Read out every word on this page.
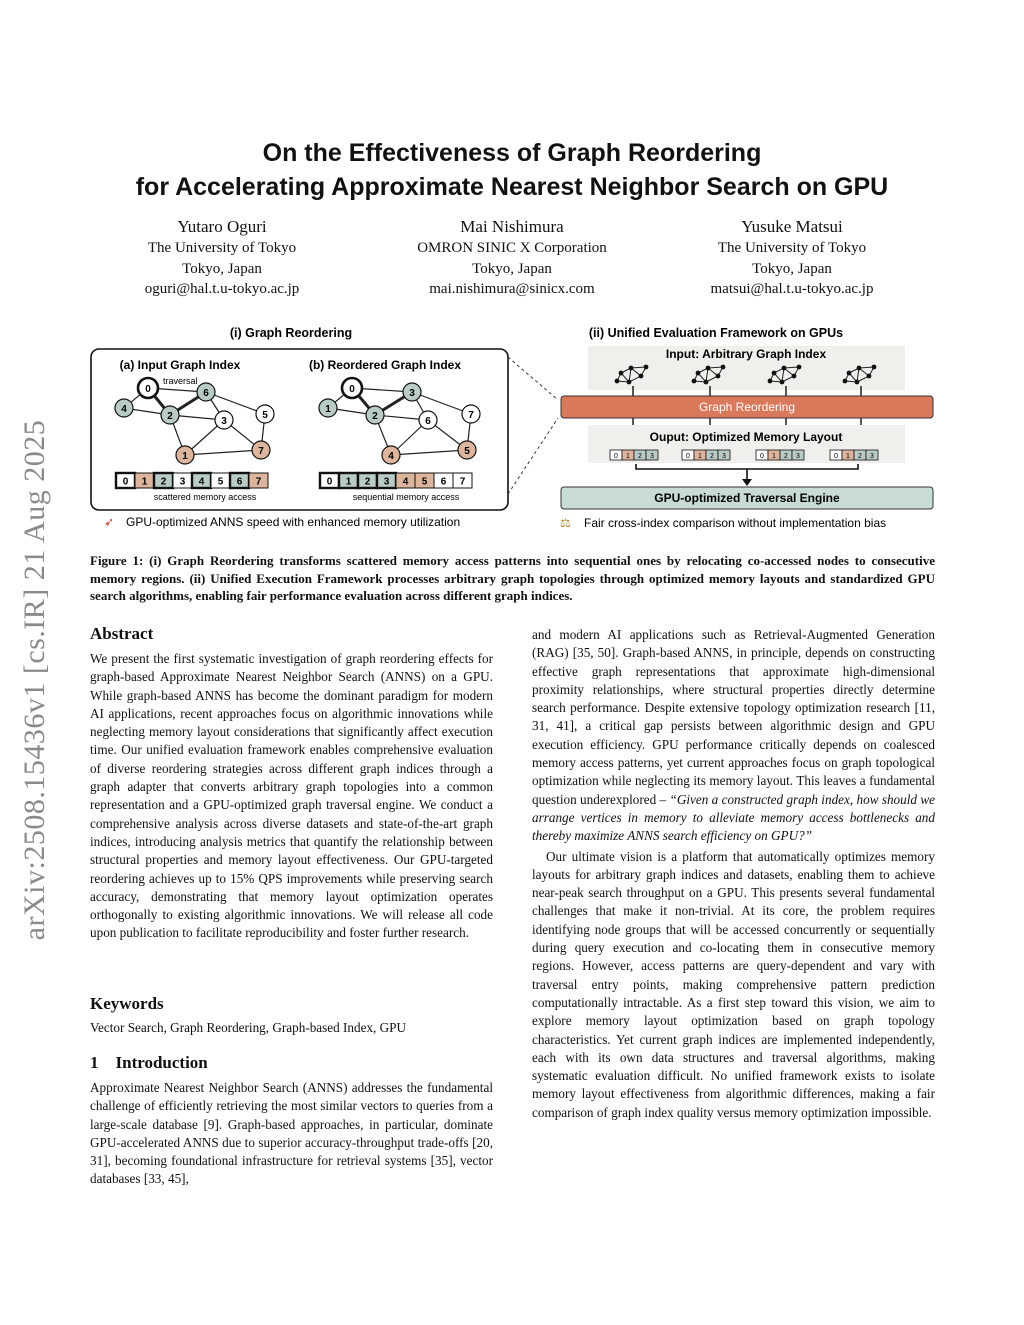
arXiv:2508.15436v1 [cs.IR] 21 Aug 2025
On the Effectiveness of Graph Reordering
for Accelerating Approximate Nearest Neighbor Search on GPU
Yutaro Oguri
The University of Tokyo
Tokyo, Japan
oguri@hal.t.u-tokyo.ac.jp
Mai Nishimura
OMRON SINIC X Corporation
Tokyo, Japan
mai.nishimura@sinicx.com
Yusuke Matsui
The University of Tokyo
Tokyo, Japan
matsui@hal.t.u-tokyo.ac.jp
(i) Graph Reordering
(a) Input Graph Index	(b) Reordered Graph Index
traversal
0
4
2
6
3
5
1	7
0
1
2
3
6
7
4	5
0 1 2 3 4 5 6 7	0 1 2 3 4 5 6 7
scattered memory access	sequential memory access
➶ GPU-optimized ANNS speed with enhanced memory utilization
(ii) Unified Evaluation Framework on GPUs
Input: Arbitrary Graph Index
Graph Reordering
Ouput: Optimized Memory Layout
0 1 2 3	0 1 2 3	0 1 2 3	0 1 2 3
GPU-optimized Traversal Engine
⚖ Fair cross-index comparison without implementation bias
Figure 1: (i) Graph Reordering transforms scattered memory access patterns into sequential ones by relocating co-accessed nodes to consecutive memory regions. (ii) Unified Execution Framework processes arbitrary graph topologies through optimized memory layouts and standardized GPU search algorithms, enabling fair performance evaluation across different graph indices.
Abstract

We present the first systematic investigation of graph reordering effects for graph-based Approximate Nearest Neighbor Search (ANNS) on a GPU. While graph-based ANNS has become the dominant paradigm for modern AI applications, recent approaches focus on algorithmic innovations while neglecting memory layout considerations that significantly affect execution time. Our unified evaluation framework enables comprehensive evaluation of diverse reordering strategies across different graph indices through a graph adapter that converts arbitrary graph topologies into a common representation and a GPU-optimized graph traversal engine. We conduct a comprehensive analysis across diverse datasets and state-of-the-art graph indices, introducing analysis metrics that quantify the relationship between structural properties and memory layout effectiveness. Our GPU-targeted reordering achieves up to 15% QPS improvements while preserving search accuracy, demonstrating that memory layout optimization operates orthogonally to existing algorithmic innovations. We will release all code upon publication to facilitate reproducibility and foster further research.

Keywords

Vector Search, Graph Reordering, Graph-based Index, GPU

1    Introduction

Approximate Nearest Neighbor Search (ANNS) addresses the fundamental challenge of efficiently retrieving the most similar vectors to queries from a large-scale database [9]. Graph-based approaches, in particular, dominate GPU-accelerated ANNS due to superior accuracy-throughput trade-offs [20, 31], becoming foundational infrastructure for retrieval systems [35], vector databases [33, 45],

and modern AI applications such as Retrieval-Augmented Generation (RAG) [35, 50]. Graph-based ANNS, in principle, depends on constructing effective graph representations that approximate high-dimensional proximity relationships, where structural properties directly determine search performance. Despite extensive topology optimization research [11, 31, 41], a critical gap persists between algorithmic design and GPU execution efficiency. GPU performance critically depends on coalesced memory access patterns, yet current approaches focus on graph topological optimization while neglecting its memory layout. This leaves a fundamental question underexplored – “Given a constructed graph index, how should we arrange vertices in memory to alleviate memory access bottlenecks and thereby maximize ANNS search efficiency on GPU?”

Our ultimate vision is a platform that automatically optimizes memory layouts for arbitrary graph indices and datasets, enabling them to achieve near-peak search throughput on a GPU. This presents several fundamental challenges that make it non-trivial. At its core, the problem requires identifying node groups that will be accessed concurrently or sequentially during query execution and co-locating them in consecutive memory regions. However, access patterns are query-dependent and vary with traversal entry points, making comprehensive pattern prediction computationally intractable. As a first step toward this vision, we aim to explore memory layout optimization based on graph topology characteristics. Yet current graph indices are implemented independently, each with its own data structures and traversal algorithms, making systematic evaluation difficult. No unified framework exists to isolate memory layout effectiveness from algorithmic differences, making a fair comparison of graph index quality versus memory optimization impossible.
